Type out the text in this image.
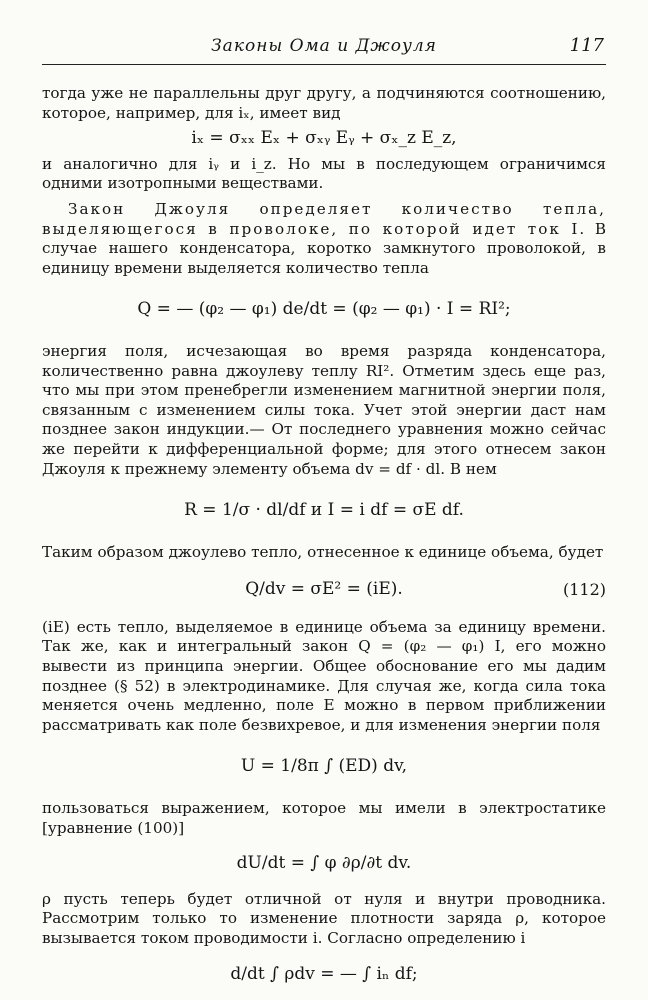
Законы Ома и Джоуля	117

тогда уже не параллельны друг другу, а подчиняются соотношению, которое, например, для iₓ, имеет вид

iₓ = σₓₓ Eₓ + σₓᵧ Eᵧ + σₓ_z E_z,

и аналогично для iᵧ и i_z. Но мы в последующем ограничимся одними изотропными веществами.

Закон Джоуля определяет количество тепла, выделяющегося в проволоке, по которой идет ток I. В случае нашего конденсатора, коротко замкнутого проволокой, в единицу времени выделяется количество тепла

Q = — (φ₂ — φ₁) de/dt = (φ₂ — φ₁) · I = RI²;

энергия поля, исчезающая во время разряда конденсатора, количественно равна джоулеву теплу RI². Отметим здесь еще раз, что мы при этом пренебрегли изменением магнитной энергии поля, связанным с изменением силы тока. Учет этой энергии даст нам позднее закон индукции.— От последнего уравнения можно сейчас же перейти к дифференциальной форме; для этого отнесем закон Джоуля к прежнему элементу объема dv = df · dl. В нем

R = 1/σ · dl/df и I = i df = σE df.

Таким образом джоулево тепло, отнесенное к единице объема, будет

Q/dv = σE² = (iE).	(112)

(iE) есть тепло, выделяемое в единице объема за единицу времени. Так же, как и интегральный закон Q = (φ₂ — φ₁) I, его можно вывести из принципа энергии. Общее обоснование его мы дадим позднее (§ 52) в электродинамике. Для случая же, когда сила тока меняется очень медленно, поле E можно в первом приближении рассматривать как поле безвихревое, и для изменения энергии поля

U = 1/8π ∫ (ED) dv,

пользоваться выражением, которое мы имели в электростатике [уравнение (100)]

dU/dt = ∫ φ ∂ρ/∂t dv.

ρ пусть теперь будет отличной от нуля и внутри проводника. Рассмотрим только то изменение плотности заряда ρ, которое вызывается током проводимости i. Согласно определению i

d/dt ∫ ρdv = — ∫ iₙ df;
